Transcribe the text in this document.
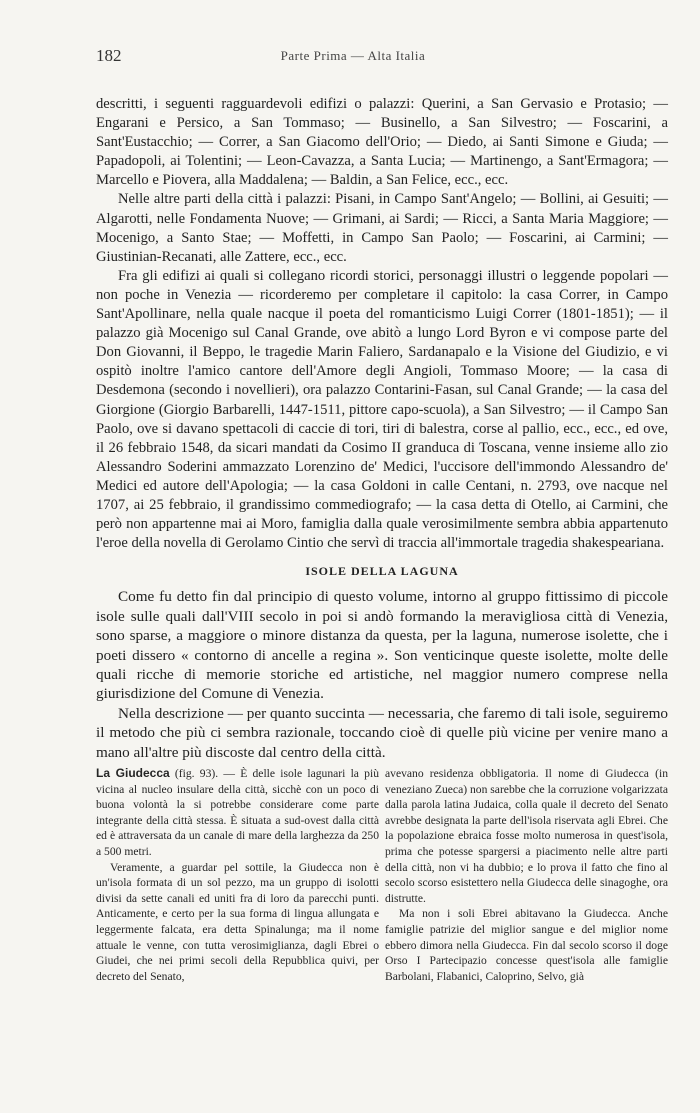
182	Parte Prima — Alta Italia

descritti, i seguenti ragguardevoli edifizi o palazzi: Querini, a San Gervasio e Protasio; — Engarani e Persico, a San Tommaso; — Businello, a San Silvestro; — Foscarini, a Sant'Eustacchio; — Correr, a San Giacomo dell'Orio; — Diedo, ai Santi Simone e Giuda; — Papadopoli, ai Tolentini; — Leon-Cavazza, a Santa Lucia; — Martinengo, a Sant'Ermagora; — Marcello e Piovera, alla Maddalena; — Baldin, a San Felice, ecc., ecc.

Nelle altre parti della città i palazzi: Pisani, in Campo Sant'Angelo; — Bollini, ai Gesuiti; — Algarotti, nelle Fondamenta Nuove; — Grimani, ai Sardi; — Ricci, a Santa Maria Maggiore; — Mocenigo, a Santo Stae; — Moffetti, in Campo San Paolo; — Foscarini, ai Carmini; — Giustinian-Recanati, alle Zattere, ecc., ecc.

Fra gli edifizi ai quali si collegano ricordi storici, personaggi illustri o leggende popolari — non poche in Venezia — ricorderemo per completare il capitolo: la casa Correr, in Campo Sant'Apollinare, nella quale nacque il poeta del romanticismo Luigi Correr (1801-1851); — il palazzo già Mocenigo sul Canal Grande, ove abitò a lungo Lord Byron e vi compose parte del Don Giovanni, il Beppo, le tragedie Marin Faliero, Sardanapalo e la Visione del Giudizio, e vi ospitò inoltre l'amico cantore dell'Amore degli Angioli, Tommaso Moore; — la casa di Desdemona (secondo i novellieri), ora palazzo Contarini-Fasan, sul Canal Grande; — la casa del Giorgione (Giorgio Barbarelli, 1447-1511, pittore capo-scuola), a San Silvestro; — il Campo San Paolo, ove si davano spettacoli di caccie di tori, tiri di balestra, corse al pallio, ecc., ecc., ed ove, il 26 febbraio 1548, da sicari mandati da Cosimo II granduca di Toscana, venne insieme allo zio Alessandro Soderini ammazzato Lorenzino de' Medici, l'uccisore dell'immondo Alessandro de' Medici ed autore dell'Apologia; — la casa Goldoni in calle Centani, n. 2793, ove nacque nel 1707, ai 25 febbraio, il grandissimo commediografo; — la casa detta di Otello, ai Carmini, che però non appartenne mai ai Moro, famiglia dalla quale verosimilmente sembra abbia appartenuto l'eroe della novella di Gerolamo Cintio che servì di traccia all'immortale tragedia shakespeariana.

ISOLE DELLA LAGUNA

Come fu detto fin dal principio di questo volume, intorno al gruppo fittissimo di piccole isole sulle quali dall'VIII secolo in poi si andò formando la meravigliosa città di Venezia, sono sparse, a maggiore o minore distanza da questa, per la laguna, numerose isolette, che i poeti dissero « contorno di ancelle a regina ». Son venticinque queste isolette, molte delle quali ricche di memorie storiche ed artistiche, nel maggior numero comprese nella giurisdizione del Comune di Venezia.

Nella descrizione — per quanto succinta — necessaria, che faremo di tali isole, seguiremo il metodo che più ci sembra razionale, toccando cioè di quelle più vicine per venire mano a mano all'altre più discoste dal centro della città.

La Giudecca (fig. 93). — È delle isole lagunari la più vicina al nucleo insulare della città, sicchè con un poco di buona volontà la si potrebbe considerare come parte integrante della città stessa. È situata a sud-ovest dalla città ed è attraversata da un canale di mare della larghezza da 250 a 500 metri.

Veramente, a guardar pel sottile, la Giudecca non è un'isola formata di un sol pezzo, ma un gruppo di isolotti divisi da sette canali ed uniti fra di loro da parecchi punti. Anticamente, e certo per la sua forma di lingua allungata e leggermente falcata, era detta Spinalunga; ma il nome attuale le venne, con tutta verosimiglianza, dagli Ebrei o Giudei, che nei primi secoli della Repubblica quivi, per decreto del Senato,

avevano residenza obbligatoria. Il nome di Giudecca (in veneziano Zueca) non sarebbe che la corruzione volgarizzata dalla parola latina Judaica, colla quale il decreto del Senato avrebbe designata la parte dell'isola riservata agli Ebrei. Che la popolazione ebraica fosse molto numerosa in quest'isola, prima che potesse spargersi a piacimento nelle altre parti della città, non vi ha dubbio; e lo prova il fatto che fino al secolo scorso esistettero nella Giudecca delle sinagoghe, ora distrutte.

Ma non i soli Ebrei abitavano la Giudecca. Anche famiglie patrizie del miglior sangue e del miglior nome ebbero dimora nella Giudecca. Fin dal secolo scorso il doge Orso I Partecipazio concesse quest'isola alle famiglie Barbolani, Flabanici, Caloprino, Selvo, già
